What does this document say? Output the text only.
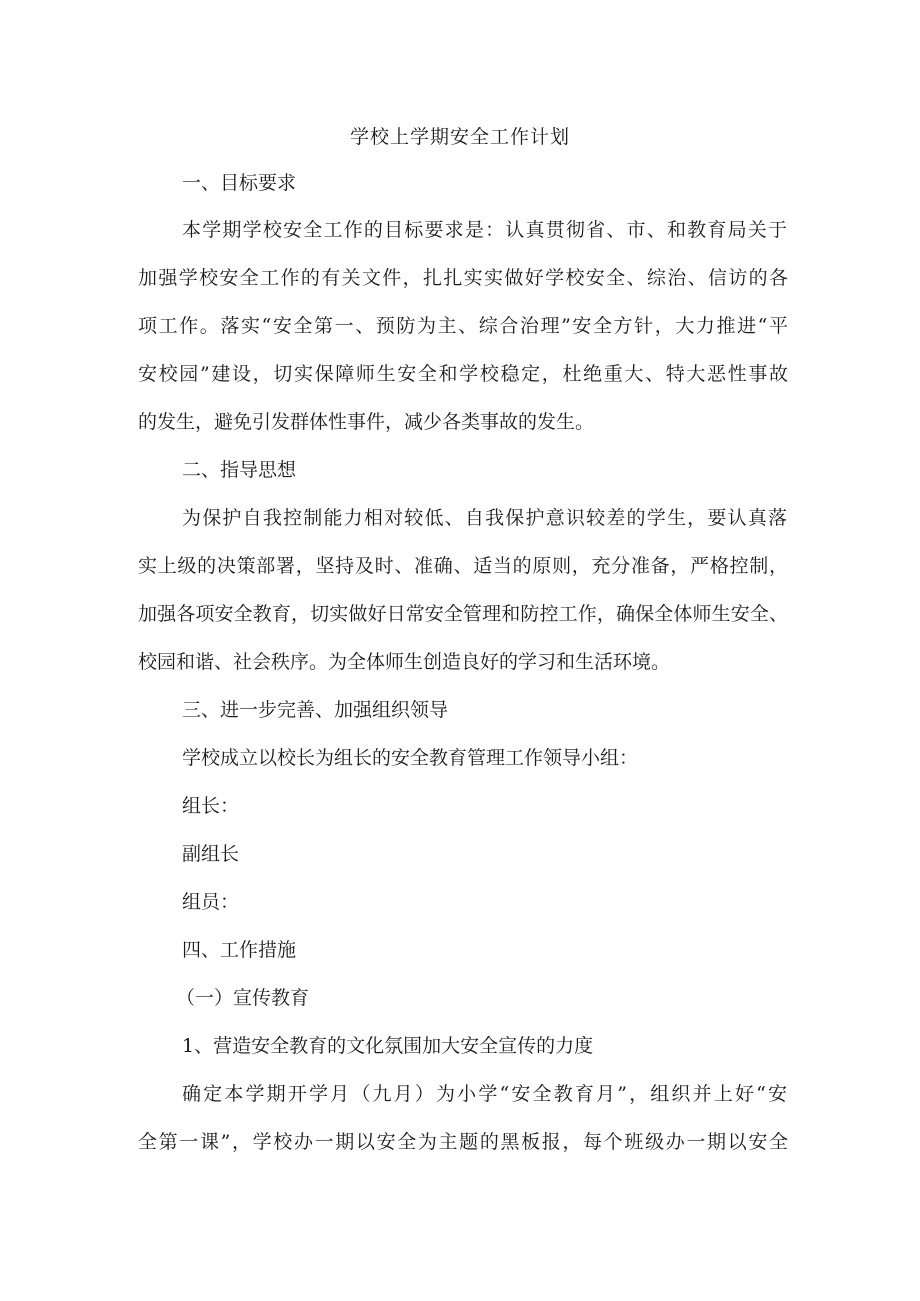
学校上学期安全工作计划
一、目标要求
本学期学校安全工作的目标要求是：认真贯彻省、市、和教育局关于
加强学校安全工作的有关文件，扎扎实实做好学校安全、综治、信访的各
项工作。落实“安全第一、预防为主、综合治理”安全方针，大力推进“平
安校园”建设，切实保障师生安全和学校稳定，杜绝重大、特大恶性事故
的发生，避免引发群体性事件，减少各类事故的发生。
二、指导思想
为保护自我控制能力相对较低、自我保护意识较差的学生，要认真落
实上级的决策部署，坚持及时、准确、适当的原则，充分准备，严格控制，
加强各项安全教育，切实做好日常安全管理和防控工作，确保全体师生安全、
校园和谐、社会秩序。为全体师生创造良好的学习和生活环境。
三、进一步完善、加强组织领导
学校成立以校长为组长的安全教育管理工作领导小组：
组长：
副组长
组员：
四、工作措施
（一）宣传教育
1、营造安全教育的文化氛围加大安全宣传的力度
确定本学期开学月（九月）为小学“安全教育月”，组织并上好“安
全第一课”，学校办一期以安全为主题的黑板报，每个班级办一期以安全
